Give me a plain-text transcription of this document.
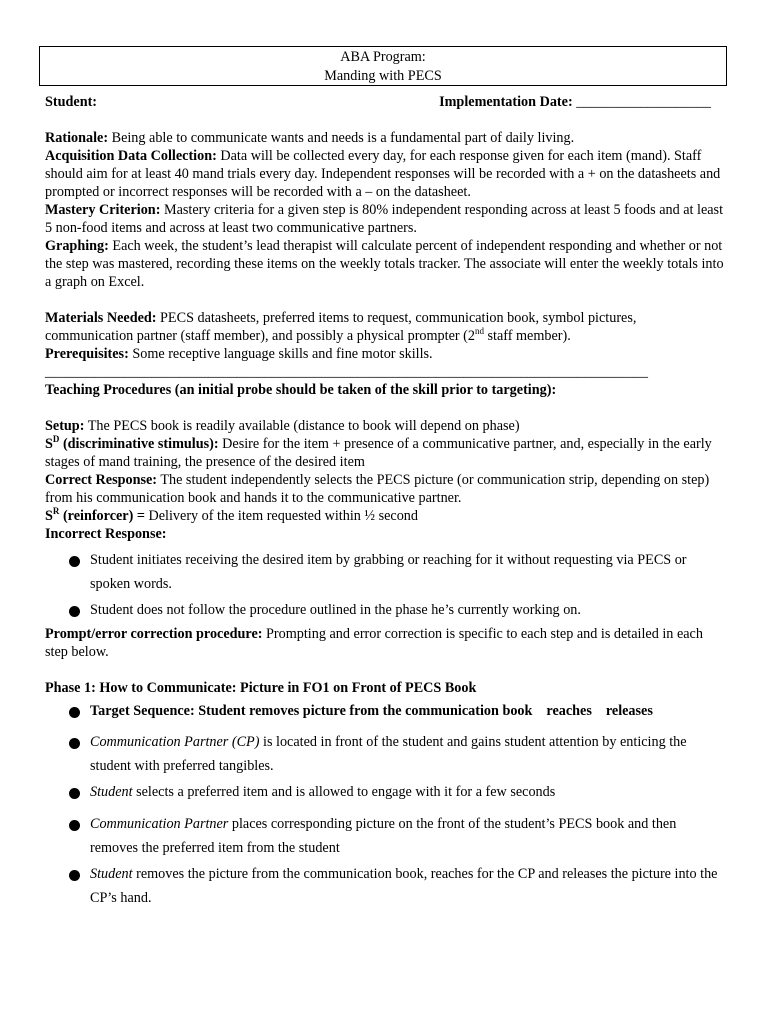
ABA Program:
Manding with PECS
Student:	Implementation Date: ___________________

Rationale: Being able to communicate wants and needs is a fundamental part of daily living.

Acquisition Data Collection: Data will be collected every day, for each response given for each item (mand). Staff should aim for at least 40 mand trials every day. Independent responses will be recorded with a + on the datasheets and prompted or incorrect responses will be recorded with a – on the datasheet.

Mastery Criterion: Mastery criteria for a given step is 80% independent responding across at least 5 foods and at least 5 non-food items and across at least two communicative partners.

Graphing: Each week, the student’s lead therapist will calculate percent of independent responding and whether or not the step was mastered, recording these items on the weekly totals tracker. The associate will enter the weekly totals into a graph on Excel.

Materials Needed: PECS datasheets, preferred items to request, communication book, symbol pictures, communication partner (staff member), and possibly a physical prompter (2nd staff member).

Prerequisites: Some receptive language skills and fine motor skills.

_____________________________________________________________________________________

Teaching Procedures (an initial probe should be taken of the skill prior to targeting):

Setup: The PECS book is readily available (distance to book will depend on phase)

$S^D$ (discriminative stimulus): Desire for the item + presence of a communicative partner, and, especially in the early stages of mand training, the presence of the desired item

Correct Response: The student independently selects the PECS picture (or communication strip, depending on step) from his communication book and hands it to the communicative partner.

$S^R$ (reinforcer) = Delivery of the item requested within ½ second

Incorrect Response:

Student initiates receiving the desired item by grabbing or reaching for it without requesting via PECS or spoken words.
Student does not follow the procedure outlined in the phase he’s currently working on.

Prompt/error correction procedure: Prompting and error correction is specific to each step and is detailed in each step below.

Phase 1: How to Communicate: Picture in FO1 on Front of PECS Book

Target Sequence: Student removes picture from the communication book reaches releases
Communication Partner (CP) is located in front of the student and gains student attention by enticing the student with preferred tangibles.
Student selects a preferred item and is allowed to engage with it for a few seconds
Communication Partner places corresponding picture on the front of the student’s PECS book and then removes the preferred item from the student
Student removes the picture from the communication book, reaches for the CP and releases the picture into the CP’s hand.
